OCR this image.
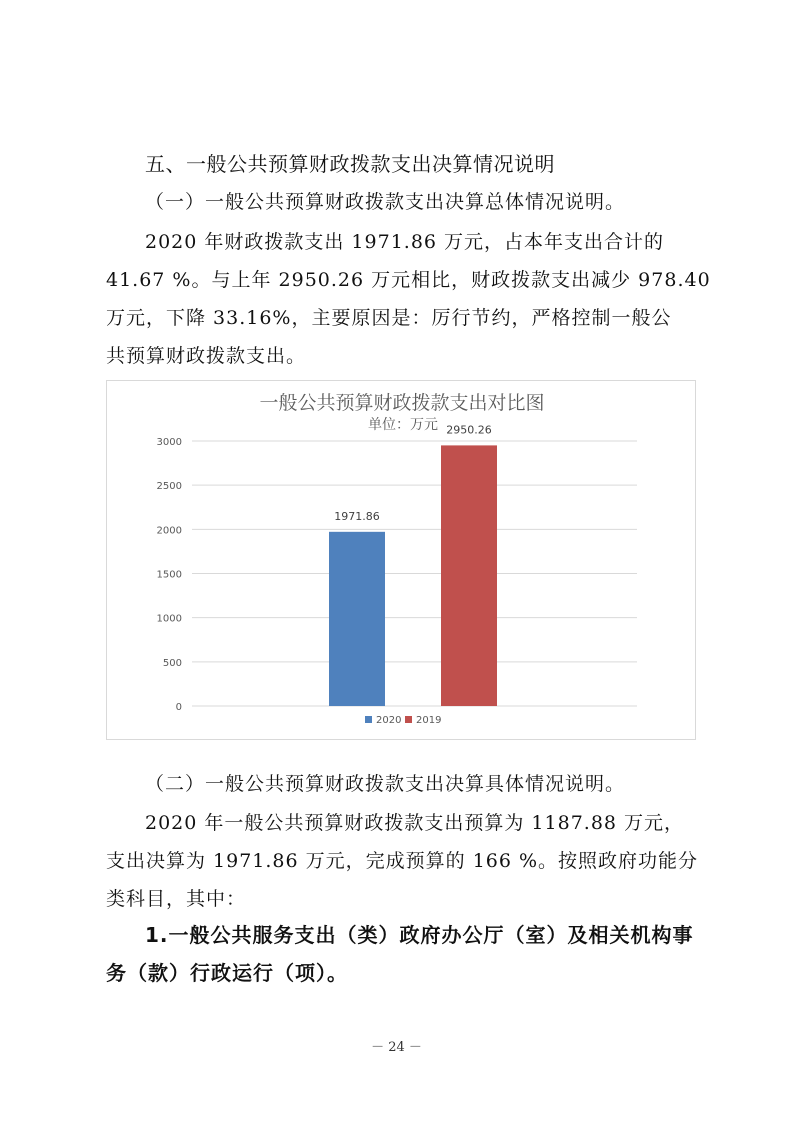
五、一般公共预算财政拨款支出决算情况说明
（一）一般公共预算财政拨款支出决算总体情况说明。
2020 年财政拨款支出 1971.86 万元，占本年支出合计的
41.67 %。与上年 2950.26 万元相比，财政拨款支出减少 978.40
万元，下降 33.16%，主要原因是：厉行节约，严格控制一般公
共预算财政拨款支出。
一般公共预算财政拨款支出对比图
单位：万元
0
500
1000
1500
2000
2500
3000
1971.86
2950.26
2020 2019
（二）一般公共预算财政拨款支出决算具体情况说明。
2020 年一般公共预算财政拨款支出预算为 1187.88 万元，
支出决算为 1971.86 万元，完成预算的 166 %。按照政府功能分
类科目，其中：
1.一般公共服务支出（类）政府办公厅（室）及相关机构事
务（款）行政运行（项）。
－ 24 －
